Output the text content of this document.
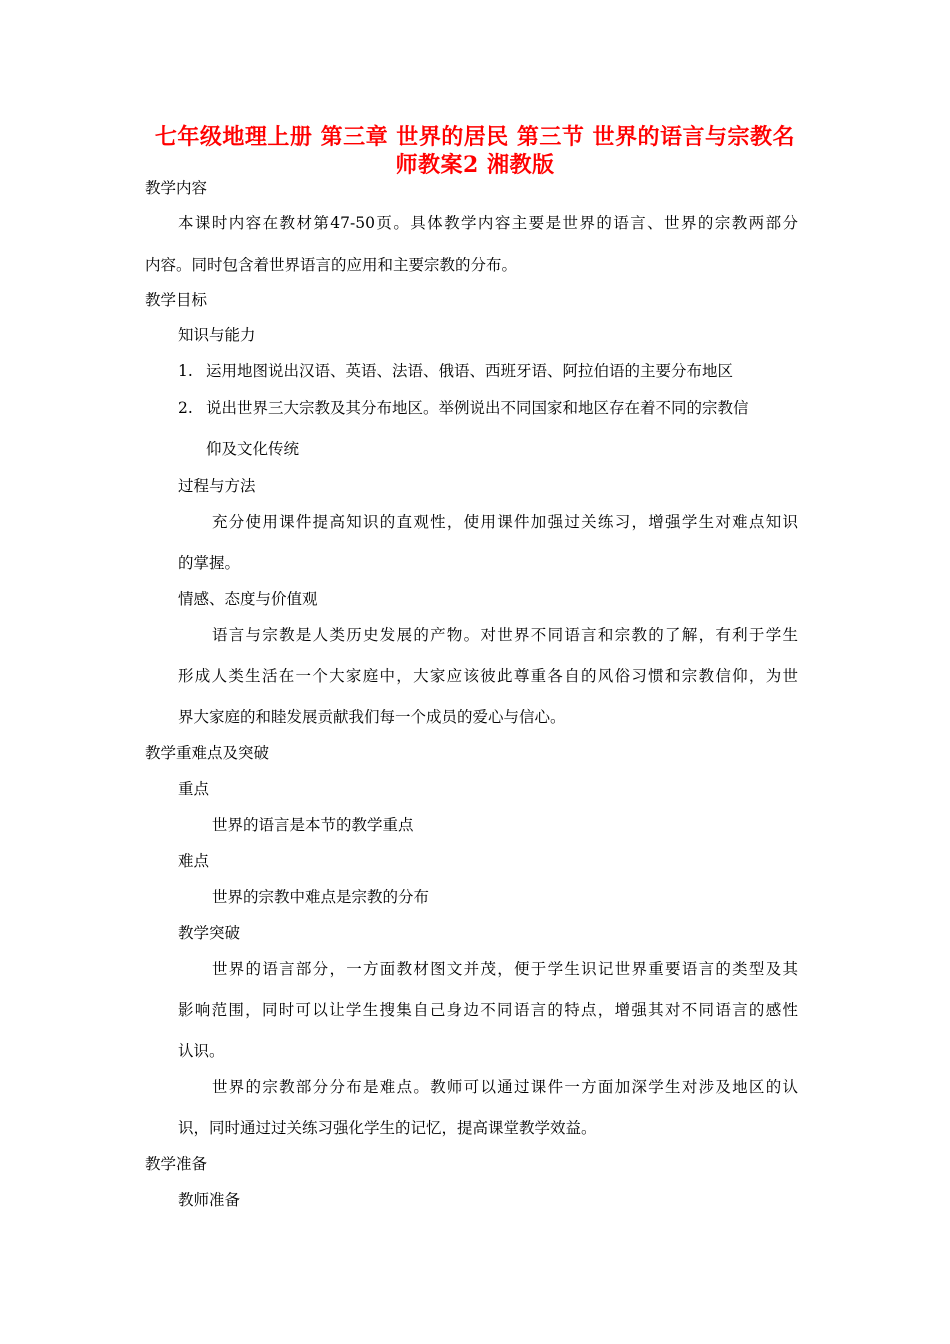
七年级地理上册 第三章 世界的居民 第三节 世界的语言与宗教名
师教案2 湘教版
教学内容
本课时内容在教材第47-50页。具体教学内容主要是世界的语言、世界的宗教两部分
内容。同时包含着世界语言的应用和主要宗教的分布。
教学目标
知识与能力
1. 运用地图说出汉语、英语、法语、俄语、西班牙语、阿拉伯语的主要分布地区
2. 说出世界三大宗教及其分布地区。举例说出不同国家和地区存在着不同的宗教信
仰及文化传统
过程与方法
充分使用课件提高知识的直观性，使用课件加强过关练习，增强学生对难点知识
的掌握。
情感、态度与价值观
语言与宗教是人类历史发展的产物。对世界不同语言和宗教的了解，有利于学生
形成人类生活在一个大家庭中，大家应该彼此尊重各自的风俗习惯和宗教信仰，为世
界大家庭的和睦发展贡献我们每一个成员的爱心与信心。
教学重难点及突破
重点
世界的语言是本节的教学重点
难点
世界的宗教中难点是宗教的分布
教学突破
世界的语言部分，一方面教材图文并茂，便于学生识记世界重要语言的类型及其
影响范围，同时可以让学生搜集自己身边不同语言的特点，增强其对不同语言的感性
认识。
世界的宗教部分分布是难点。教师可以通过课件一方面加深学生对涉及地区的认
识，同时通过过关练习强化学生的记忆，提高课堂教学效益。
教学准备
教师准备
